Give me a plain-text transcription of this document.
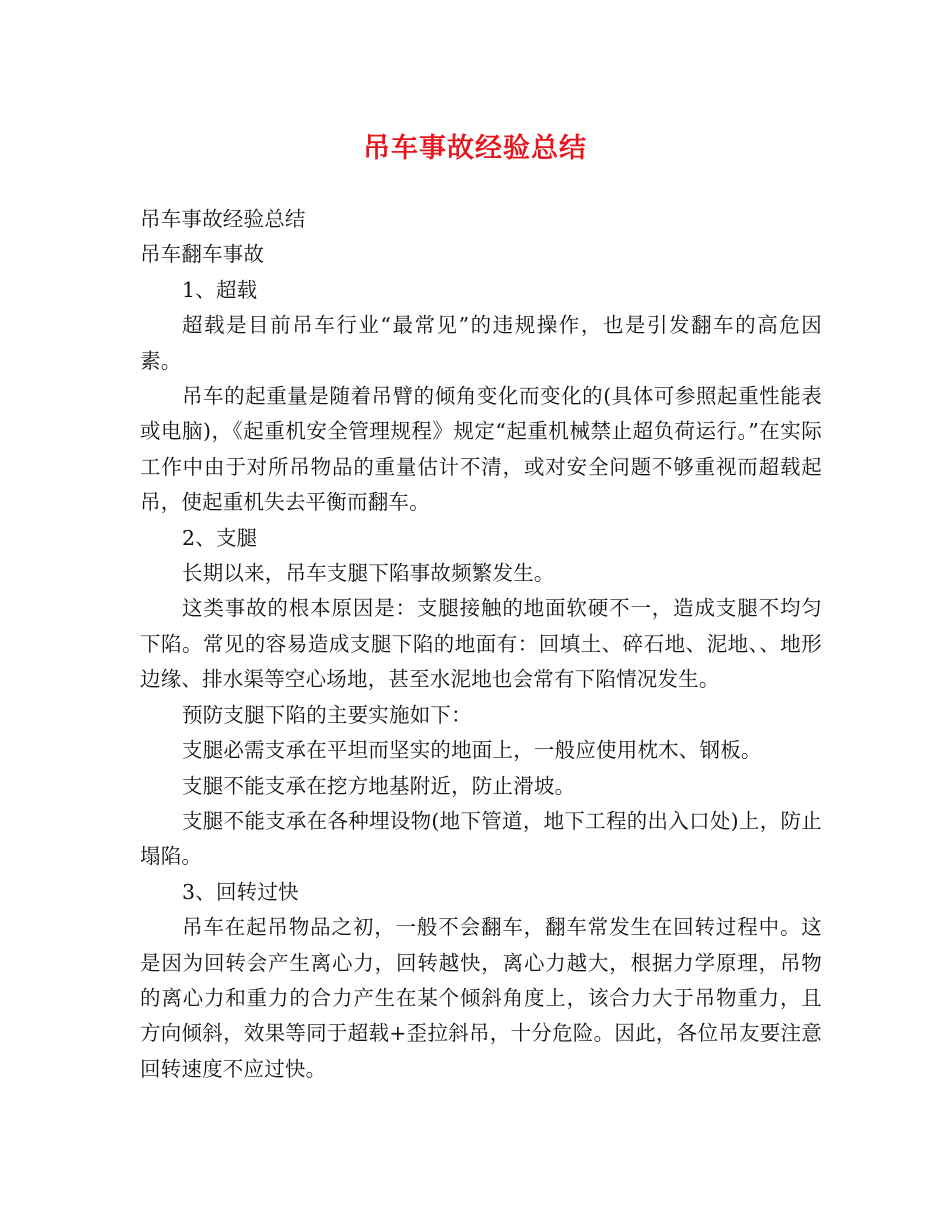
吊车事故经验总结

吊车事故经验总结

吊车翻车事故

1、超载

超载是目前吊车行业“最常见”的违规操作，也是引发翻车的高危因素。

吊车的起重量是随着吊臂的倾角变化而变化的(具体可参照起重性能表或电脑)，《起重机安全管理规程》规定“起重机械禁止超负荷运行。”在实际工作中由于对所吊物品的重量估计不清，或对安全问题不够重视而超载起吊，使起重机失去平衡而翻车。

2、支腿

长期以来，吊车支腿下陷事故频繁发生。

这类事故的根本原因是：支腿接触的地面软硬不一，造成支腿不均匀下陷。常见的容易造成支腿下陷的地面有：回填土、碎石地、泥地、、地形边缘、排水渠等空心场地，甚至水泥地也会常有下陷情况发生。

预防支腿下陷的主要实施如下：

支腿必需支承在平坦而坚实的地面上，一般应使用枕木、钢板。

支腿不能支承在挖方地基附近，防止滑坡。

支腿不能支承在各种埋设物(地下管道，地下工程的出入口处)上，防止塌陷。

3、回转过快

吊车在起吊物品之初，一般不会翻车，翻车常发生在回转过程中。这是因为回转会产生离心力，回转越快，离心力越大，根据力学原理，吊物的离心力和重力的合力产生在某个倾斜角度上，该合力大于吊物重力，且方向倾斜，效果等同于超载+歪拉斜吊，十分危险。因此，各位吊友要注意回转速度不应过快。
